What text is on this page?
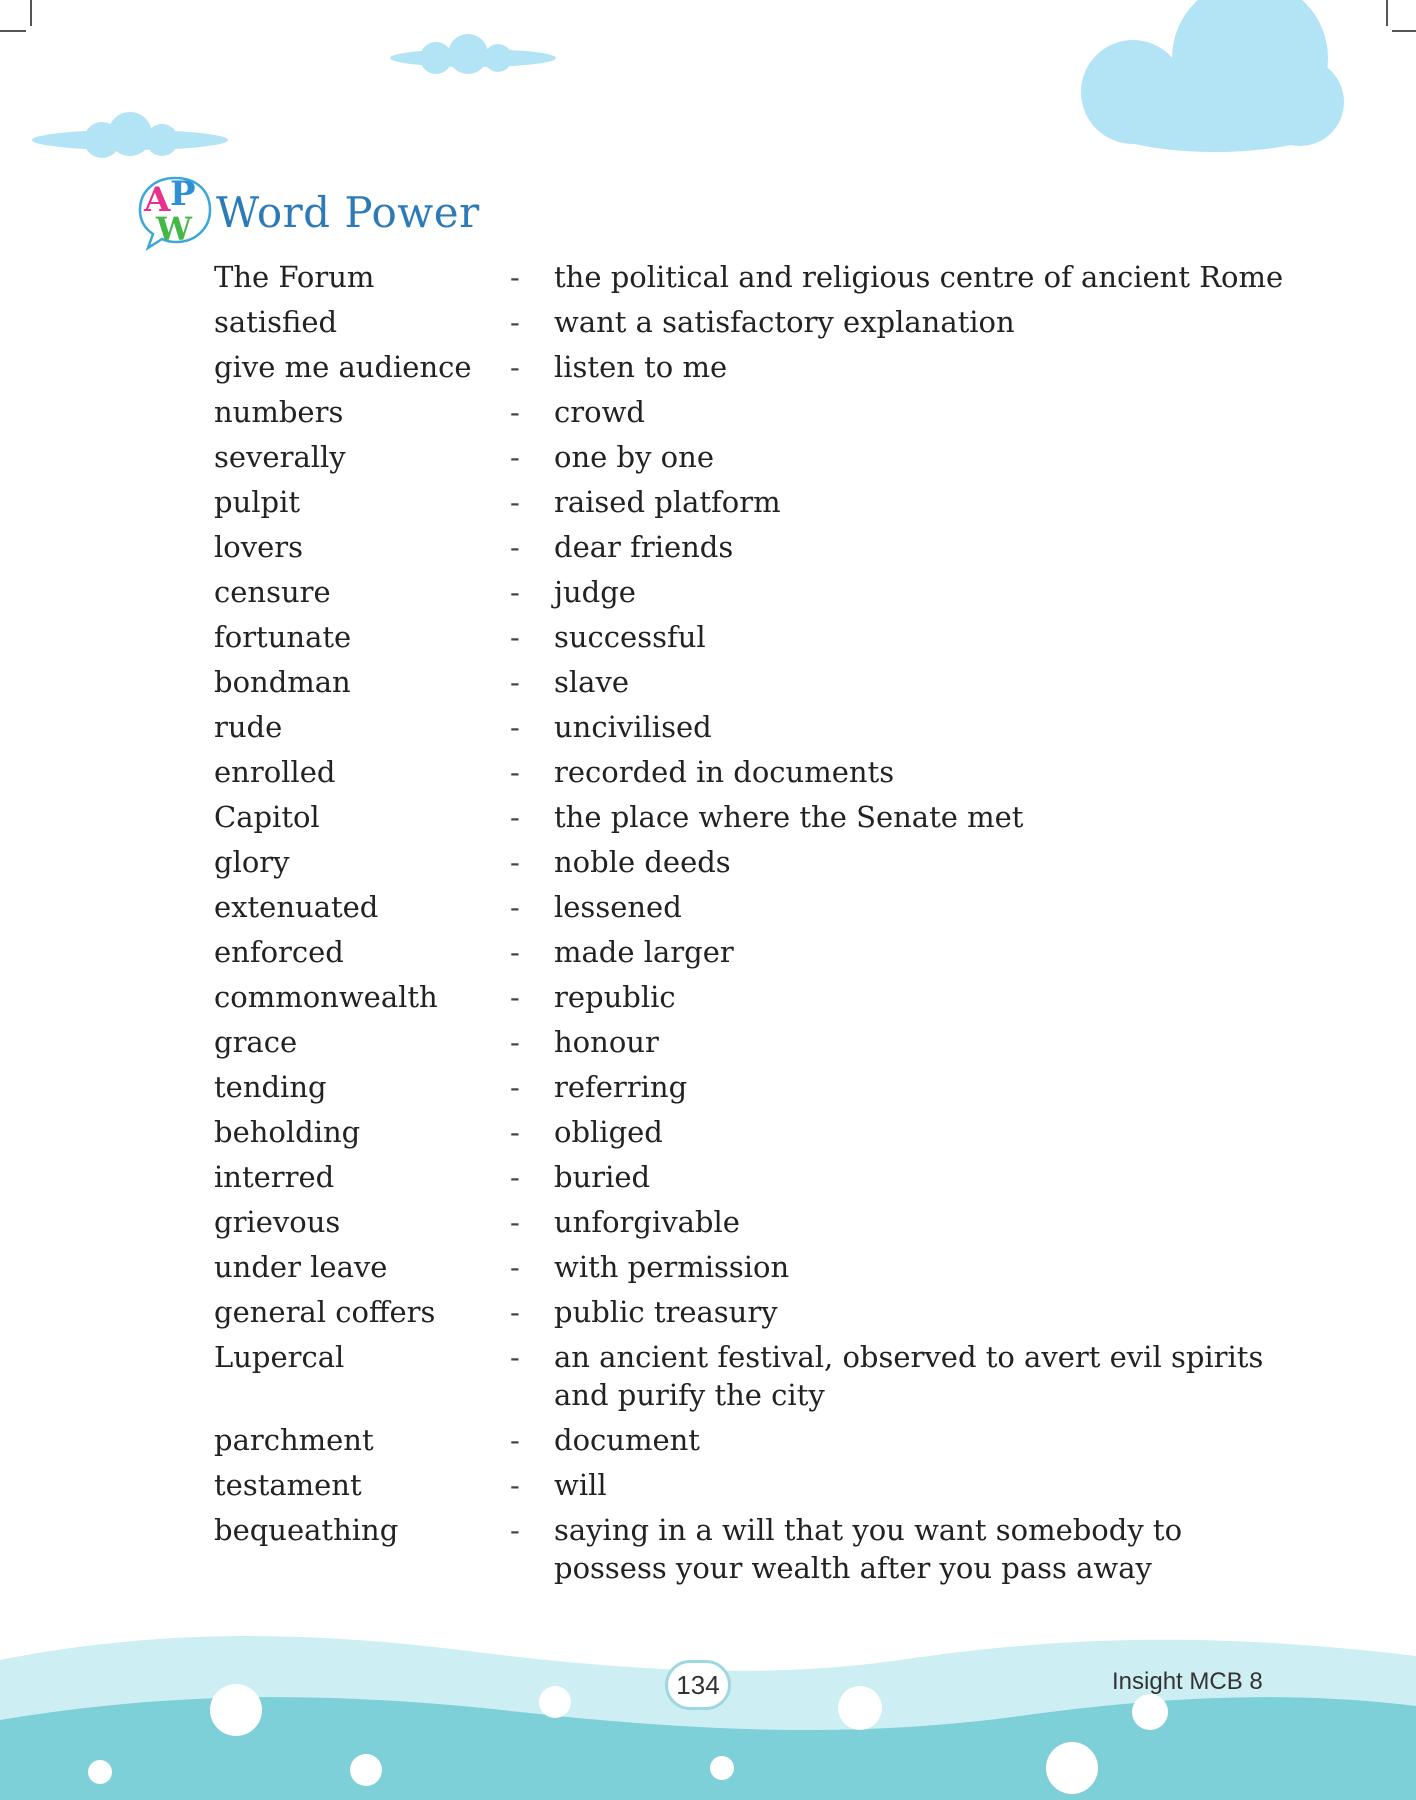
A P
W Word Power
The Forum	-	the political and religious centre of ancient Rome
satisfied	-	want a satisfactory explanation
give me audience	-	listen to me
numbers	-	crowd
severally	-	one by one
pulpit	-	raised platform
lovers	-	dear friends
censure	-	judge
fortunate	-	successful
bondman	-	slave
rude	-	uncivilised
enrolled	-	recorded in documents
Capitol	-	the place where the Senate met
glory	-	noble deeds
extenuated	-	lessened
enforced	-	made larger
commonwealth	-	republic
grace	-	honour
tending	-	referring
beholding	-	obliged
interred	-	buried
grievous	-	unforgivable
under leave	-	with permission
general coffers	-	public treasury
Lupercal	-	an ancient festival, observed to avert evil spirits and purify the city
parchment	-	document
testament	-	will
bequeathing	-	saying in a will that you want somebody to possess your wealth after you pass away
134	Insight MCB 8
